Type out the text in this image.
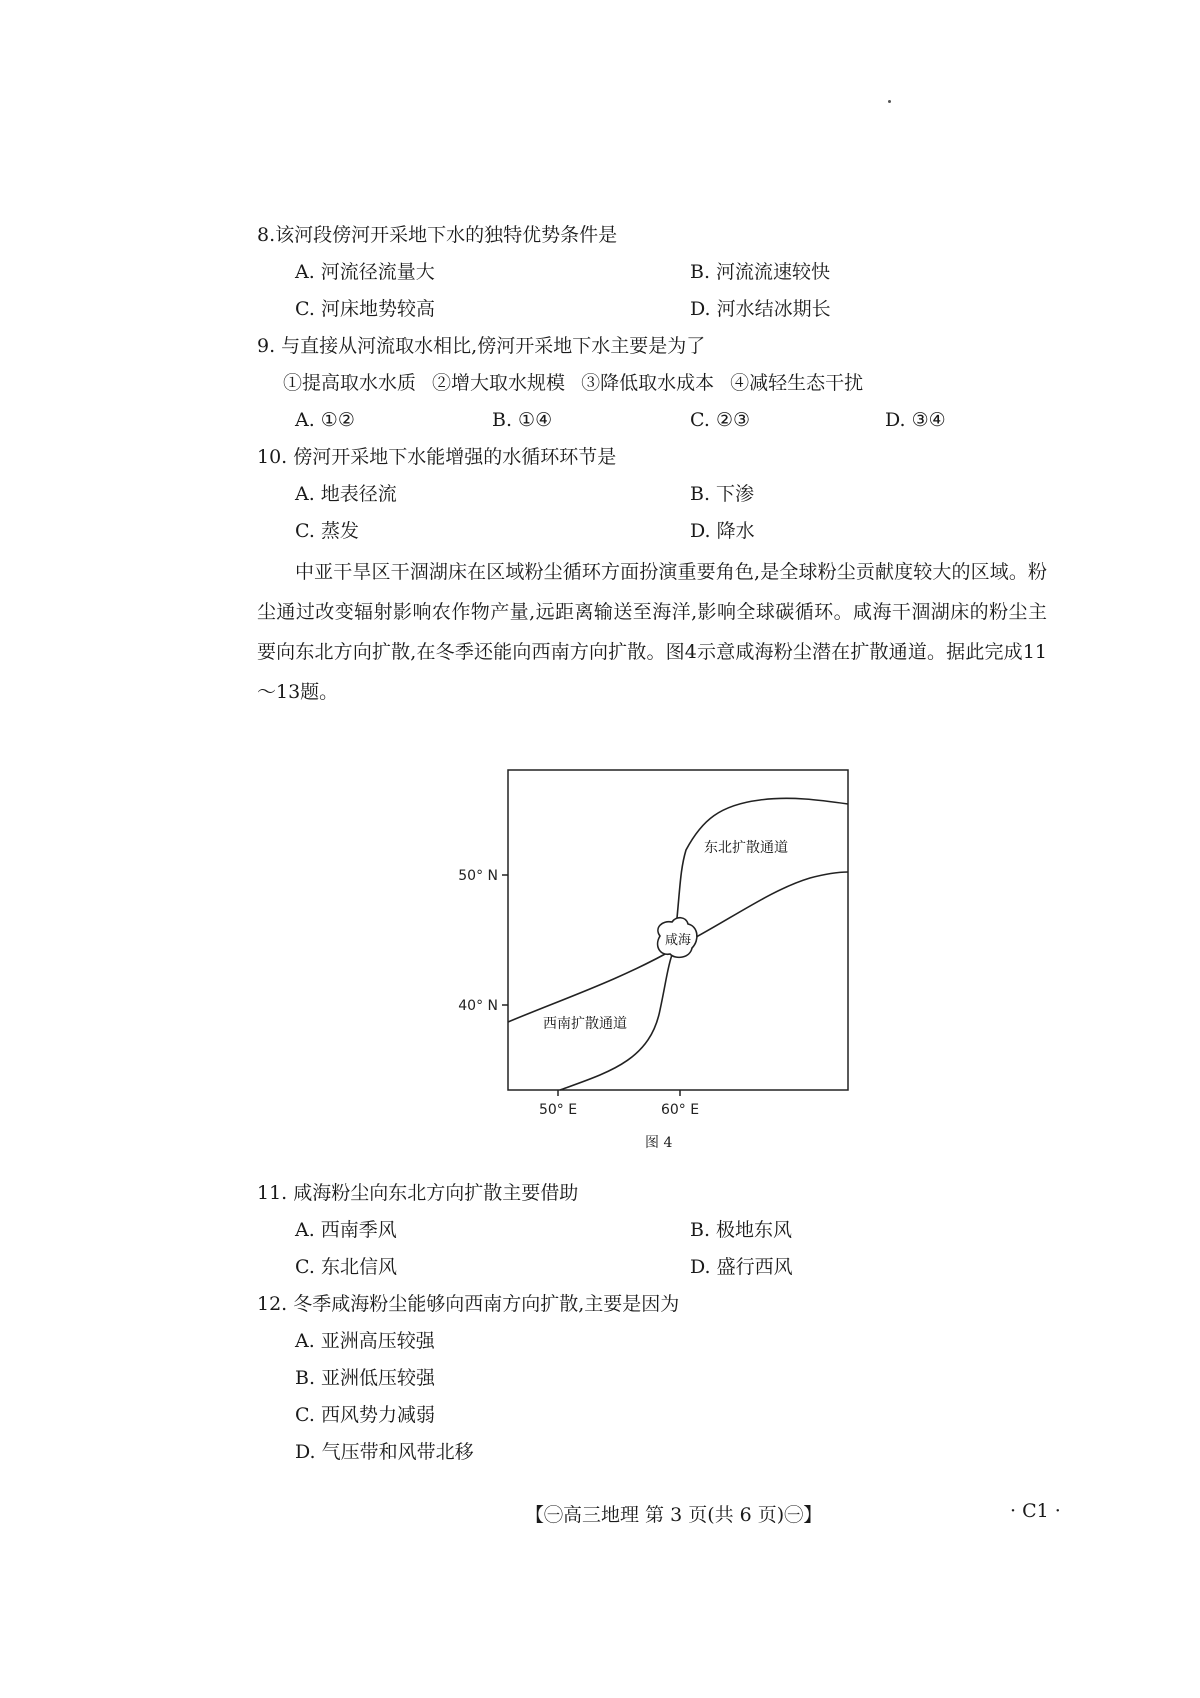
8.该河段傍河开采地下水的独特优势条件是
A. 河流径流量大	B. 河流流速较快
C. 河床地势较高	D. 河水结冰期长
9. 与直接从河流取水相比,傍河开采地下水主要是为了
①提高取水水质 ②增大取水规模 ③降低取水成本 ④减轻生态干扰
A. ①②	B. ①④	C. ②③	D. ③④
10. 傍河开采地下水能增强的水循环环节是
A. 地表径流	B. 下渗
C. 蒸发	D. 降水

中亚干旱区干涸湖床在区域粉尘循环方面扮演重要角色,是全球粉尘贡献度较大的区域。粉尘通过改变辐射影响农作物产量,远距离输送至海洋,影响全球碳循环。咸海干涸湖床的粉尘主要向东北方向扩散,在冬季还能向西南方向扩散。图4示意咸海粉尘潜在扩散通道。据此完成11～13题。

50° N
40° N
50° E	60° E
咸海
东北扩散通道
西南扩散通道
图 4
11. 咸海粉尘向东北方向扩散主要借助
A. 西南季风	B. 极地东风
C. 东北信风	D. 盛行西风
12. 冬季咸海粉尘能够向西南方向扩散,主要是因为
A. 亚洲高压较强
B. 亚洲低压较强
C. 西风势力减弱
D. 气压带和风带北移
【㊀高三地理 第 3 页(共 6 页)㊀】	· C1 ·
